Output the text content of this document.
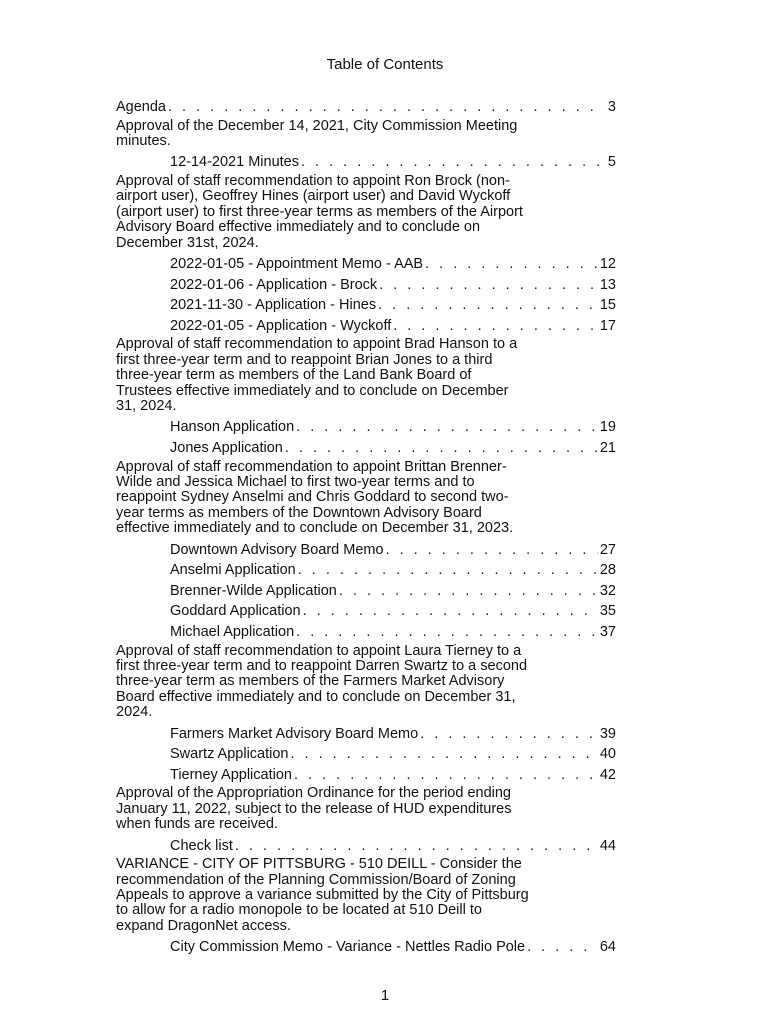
Table of Contents
Agenda . . .	3
Approval of the December 14, 2021, City Commission Meeting
minutes.
12-14-2021 Minutes . . .	5
Approval of staff recommendation to appoint Ron Brock (non-
airport user), Geoffrey Hines (airport user) and David Wyckoff
(airport user) to first three-year terms as members of the Airport
Advisory Board effective immediately and to conclude on
December 31st, 2024.
2022-01-05 - Appointment Memo - AAB . . .	12
2022-01-06 - Application - Brock . . .	13
2021-11-30 - Application - Hines . . .	15
2022-01-05 - Application - Wyckoff . . .	17
Approval of staff recommendation to appoint Brad Hanson to a
first three-year term and to reappoint Brian Jones to a third
three-year term as members of the Land Bank Board of
Trustees effective immediately and to conclude on December
31, 2024.
Hanson Application . . .	19
Jones Application . . .	21
Approval of staff recommendation to appoint Brittan Brenner-
Wilde and Jessica Michael to first two-year terms and to
reappoint Sydney Anselmi and Chris Goddard to second two-
year terms as members of the Downtown Advisory Board
effective immediately and to conclude on December 31, 2023.
Downtown Advisory Board Memo . . .	27
Anselmi Application . . .	28
Brenner-Wilde Application . . .	32
Goddard Application . . .	35
Michael Application . . .	37
Approval of staff recommendation to appoint Laura Tierney to a
first three-year term and to reappoint Darren Swartz to a second
three-year term as members of the Farmers Market Advisory
Board effective immediately and to conclude on December 31,
2024.
Farmers Market Advisory Board Memo . . .	39
Swartz Application . . .	40
Tierney Application . . .	42
Approval of the Appropriation Ordinance for the period ending
January 11, 2022, subject to the release of HUD expenditures
when funds are received.
Check list . . .	44
VARIANCE - CITY OF PITTSBURG - 510 DEILL - Consider the
recommendation of the Planning Commission/Board of Zoning
Appeals to approve a variance submitted by the City of Pittsburg
to allow for a radio monopole to be located at 510 Deill to
expand DragonNet access.
City Commission Memo - Variance - Nettles Radio Pole . . .	64
1
